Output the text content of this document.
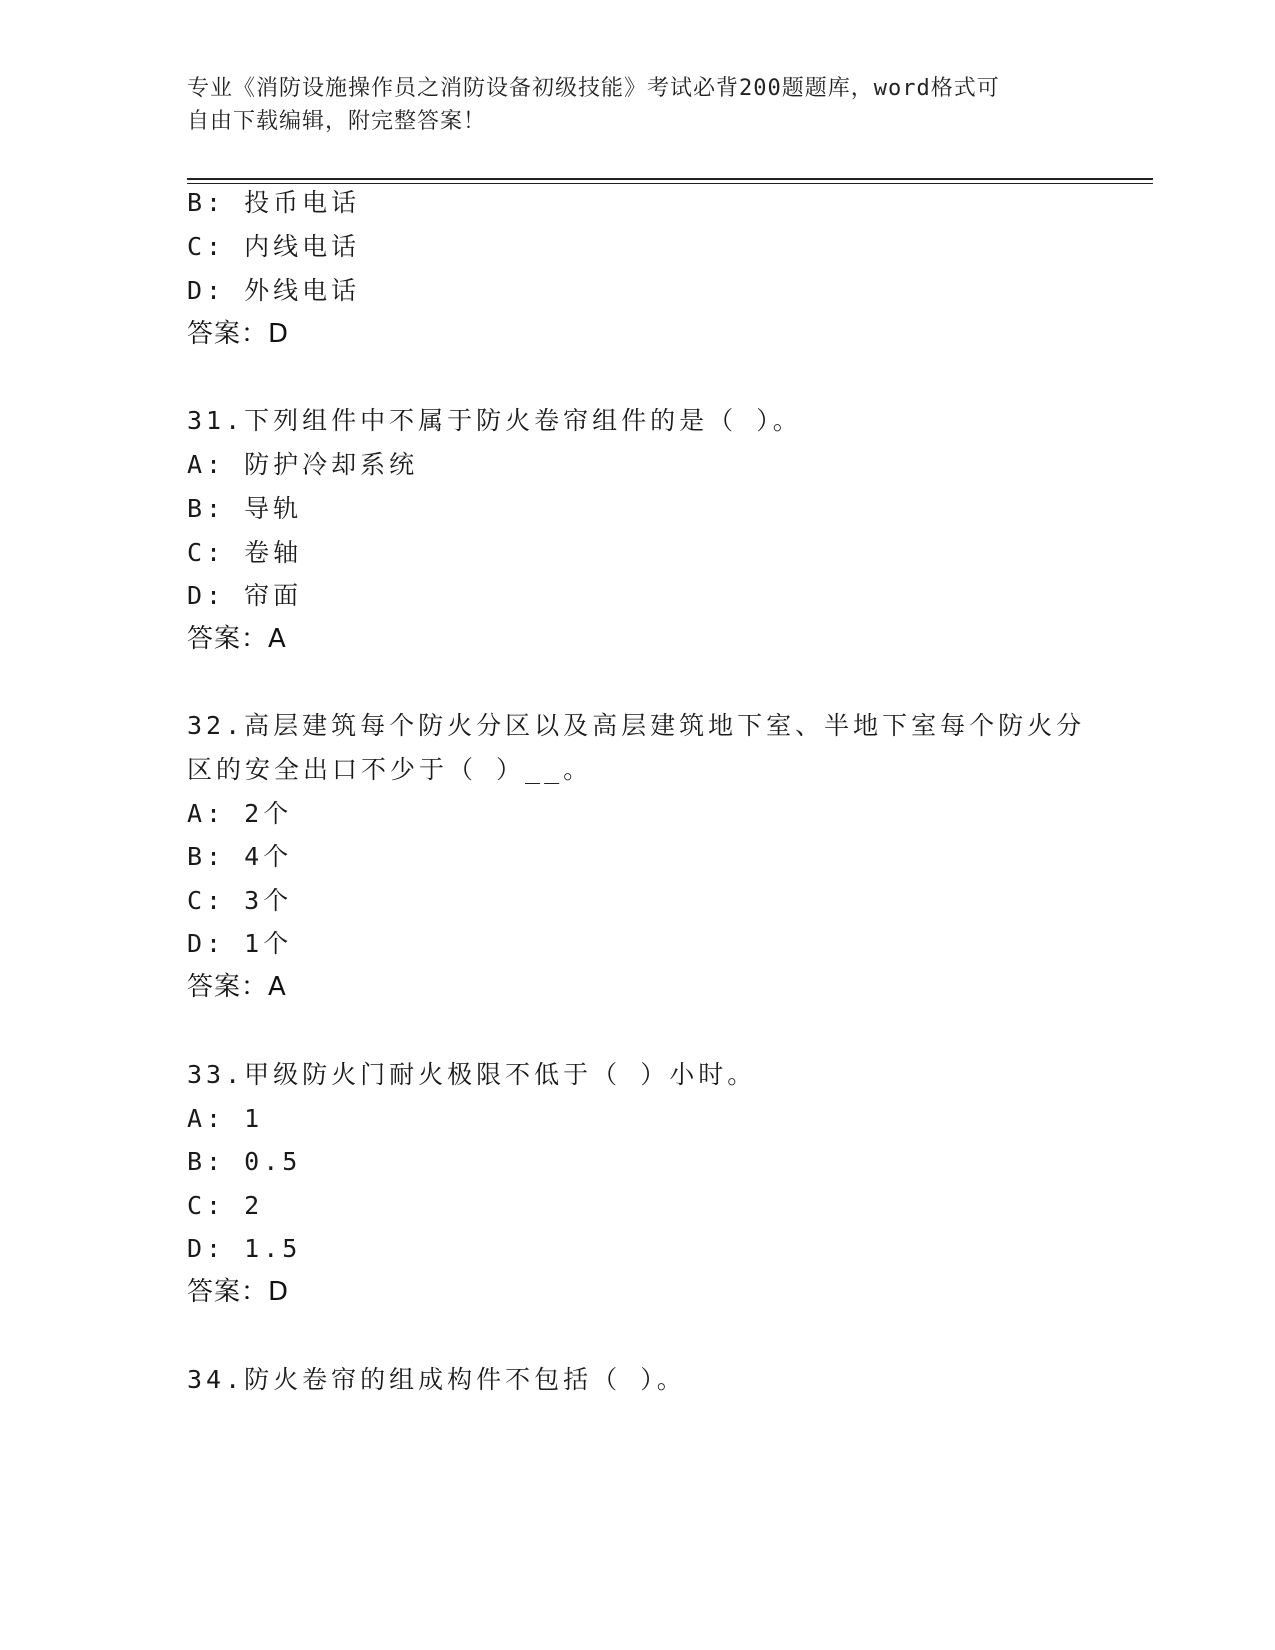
专业《消防设施操作员之消防设备初级技能》考试必背200题题库，word格式可
自由下载编辑，附完整答案！
B: 投币电话
C: 内线电话
D: 外线电话
答案：D
31.下列组件中不属于防火卷帘组件的是（ ）。
A: 防护冷却系统
B: 导轨
C: 卷轴
D: 帘面
答案：A
32.高层建筑每个防火分区以及高层建筑地下室、半地下室每个防火分
区的安全出口不少于（ ）__。
A: 2个
B: 4个
C: 3个
D: 1个
答案：A
33.甲级防火门耐火极限不低于（ ）小时。
A: 1
B: 0.5
C: 2
D: 1.5
答案：D
34.防火卷帘的组成构件不包括（ ）。
